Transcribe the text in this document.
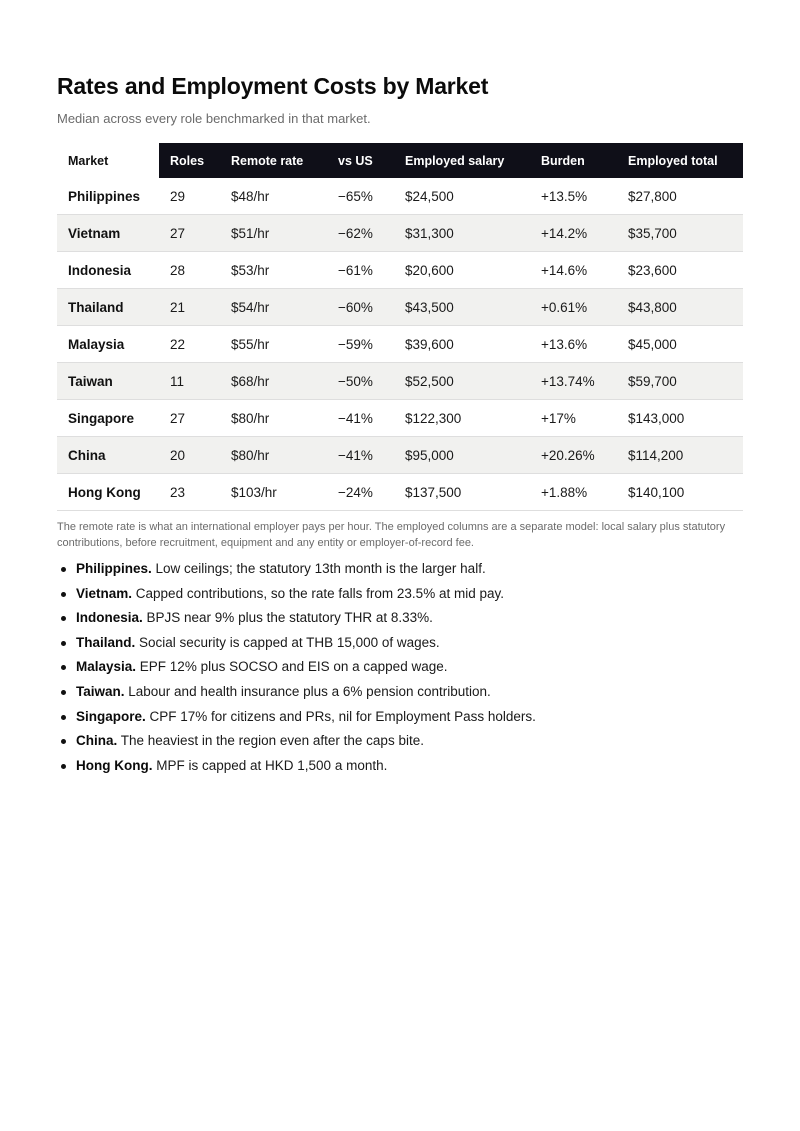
Rates and Employment Costs by Market

Median across every role benchmarked in that market.

Market	Roles	Remote rate	vs US	Employed salary	Burden	Employed total
Philippines	29	$48/hr	−65%	$24,500	+13.5%	$27,800
Vietnam	27	$51/hr	−62%	$31,300	+14.2%	$35,700
Indonesia	28	$53/hr	−61%	$20,600	+14.6%	$23,600
Thailand	21	$54/hr	−60%	$43,500	+0.61%	$43,800
Malaysia	22	$55/hr	−59%	$39,600	+13.6%	$45,000
Taiwan	11	$68/hr	−50%	$52,500	+13.74%	$59,700
Singapore	27	$80/hr	−41%	$122,300	+17%	$143,000
China	20	$80/hr	−41%	$95,000	+20.26%	$114,200
Hong Kong	23	$103/hr	−24%	$137,500	+1.88%	$140,100

The remote rate is what an international employer pays per hour. The employed columns are a separate model: local salary plus statutory contributions, before recruitment, equipment and any entity or employer-of-record fee.

Philippines. Low ceilings; the statutory 13th month is the larger half.
Vietnam. Capped contributions, so the rate falls from 23.5% at mid pay.
Indonesia. BPJS near 9% plus the statutory THR at 8.33%.
Thailand. Social security is capped at THB 15,000 of wages.
Malaysia. EPF 12% plus SOCSO and EIS on a capped wage.
Taiwan. Labour and health insurance plus a 6% pension contribution.
Singapore. CPF 17% for citizens and PRs, nil for Employment Pass holders.
China. The heaviest in the region even after the caps bite.
Hong Kong. MPF is capped at HKD 1,500 a month.
